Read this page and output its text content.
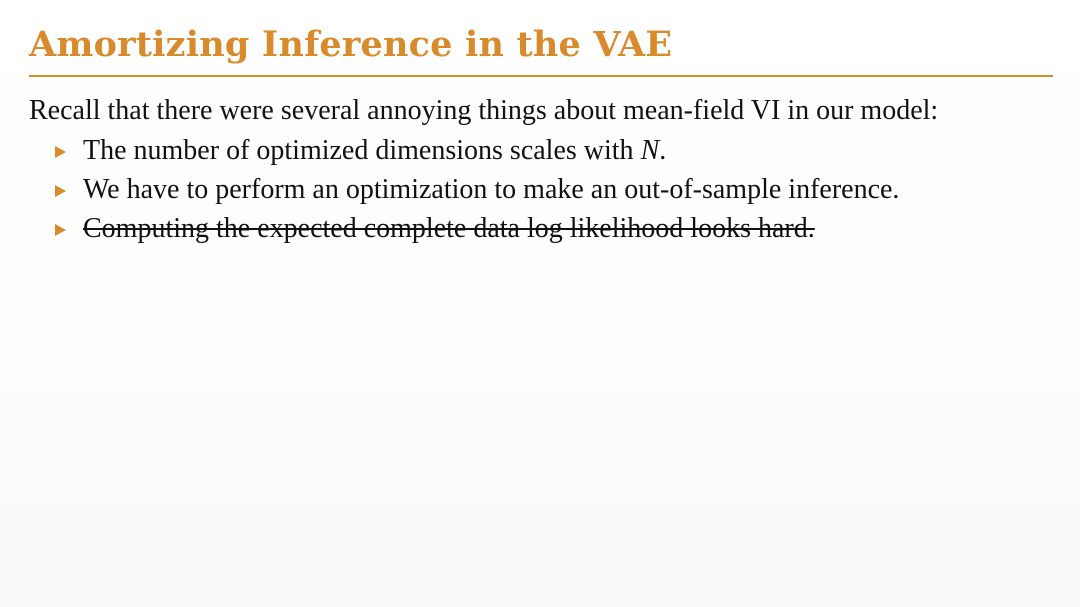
Amortizing Inference in the VAE

Recall that there were several annoying things about mean-field VI in our model:

The number of optimized dimensions scales with N.
We have to perform an optimization to make an out-of-sample inference.
Computing the expected complete data log likelihood looks hard.
